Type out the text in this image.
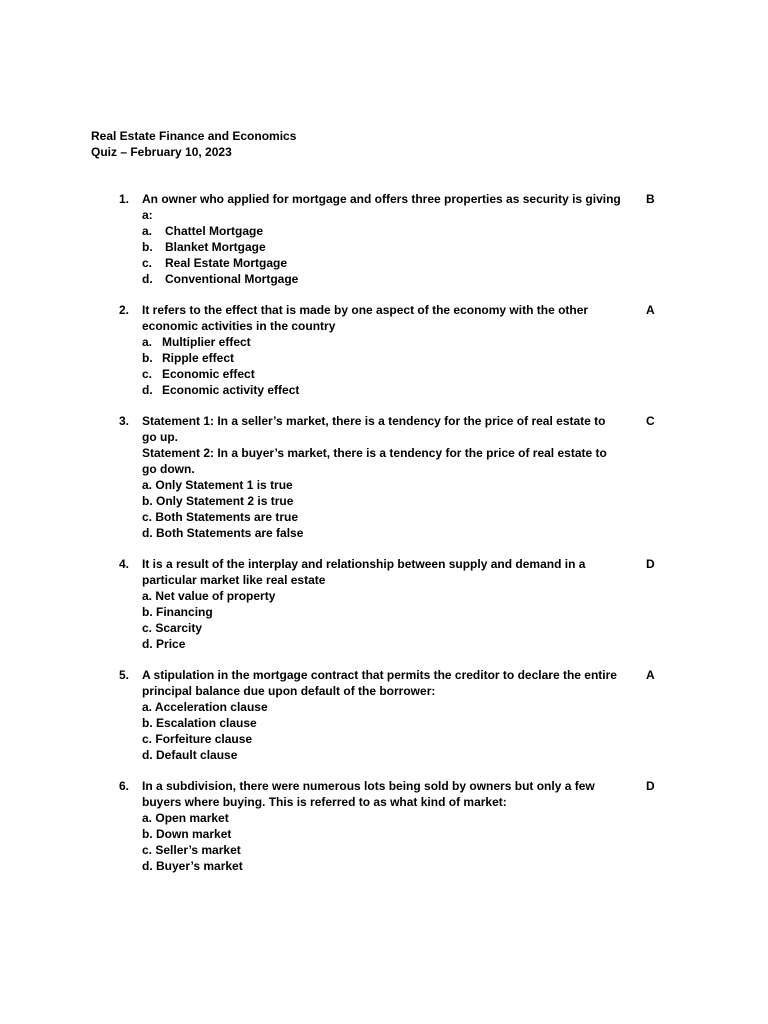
Real Estate Finance and Economics
Quiz – February 10, 2023
1. An owner who applied for mortgage and offers three properties as security is giving a:
a. Chattel Mortgage
b. Blanket Mortgage
c. Real Estate Mortgage
d. Conventional Mortgage
B
2. It refers to the effect that is made by one aspect of the economy with the other economic activities in the country
a. Multiplier effect
b. Ripple effect
c. Economic effect
d. Economic activity effect
A
3. Statement 1: In a seller’s market, there is a tendency for the price of real estate to go up.
Statement 2: In a buyer’s market, there is a tendency for the price of real estate to go down.
a. Only Statement 1 is true
b. Only Statement 2 is true
c. Both Statements are true
d. Both Statements are false
C
4. It is a result of the interplay and relationship between supply and demand in a particular market like real estate
a. Net value of property
b. Financing
c. Scarcity
d. Price
D
5. A stipulation in the mortgage contract that permits the creditor to declare the entire principal balance due upon default of the borrower:
a. Acceleration clause
b. Escalation clause
c. Forfeiture clause
d. Default clause
A
6. In a subdivision, there were numerous lots being sold by owners but only a few buyers where buying. This is referred to as what kind of market:
a. Open market
b. Down market
c. Seller’s market
d. Buyer’s market
D
